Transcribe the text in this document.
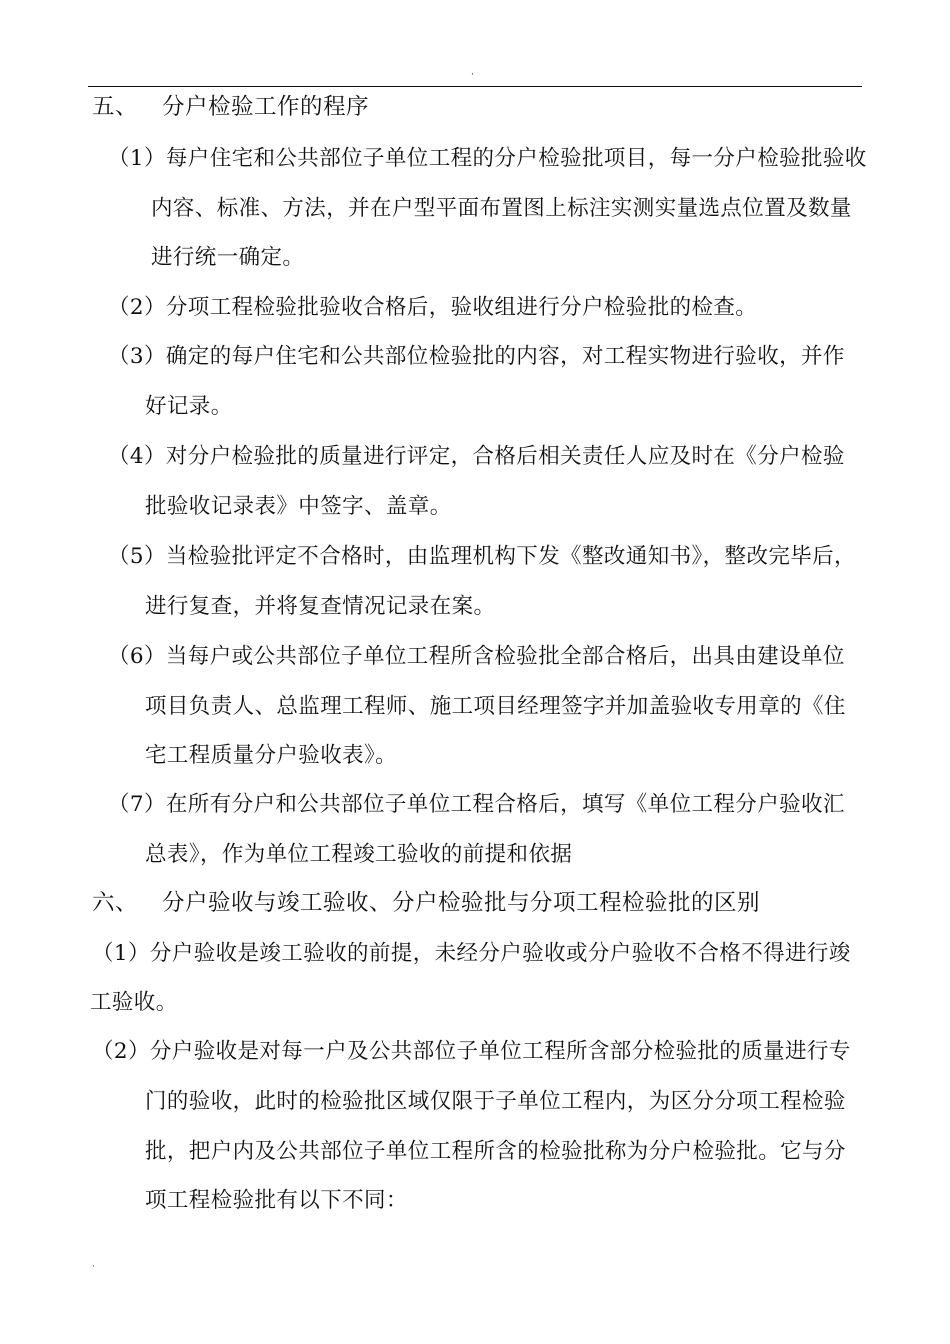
·
五、 分户检验工作的程序
（1）每户住宅和公共部位子单位工程的分户检验批项目，每一分户检验批验收
内容、标准、方法，并在户型平面布置图上标注实测实量选点位置及数量
进行统一确定。
（2）分项工程检验批验收合格后，验收组进行分户检验批的检查。
（3）确定的每户住宅和公共部位检验批的内容，对工程实物进行验收，并作
好记录。
（4）对分户检验批的质量进行评定，合格后相关责任人应及时在《分户检验
批验收记录表》中签字、盖章。
（5）当检验批评定不合格时，由监理机构下发《整改通知书》，整改完毕后，
进行复查，并将复查情况记录在案。
（6）当每户或公共部位子单位工程所含检验批全部合格后，出具由建设单位
项目负责人、总监理工程师、施工项目经理签字并加盖验收专用章的《住
宅工程质量分户验收表》。
（7）在所有分户和公共部位子单位工程合格后，填写《单位工程分户验收汇
总表》，作为单位工程竣工验收的前提和依据
六、 分户验收与竣工验收、分户检验批与分项工程检验批的区别
（1）分户验收是竣工验收的前提，未经分户验收或分户验收不合格不得进行竣
工验收。
（2）分户验收是对每一户及公共部位子单位工程所含部分检验批的质量进行专
门的验收，此时的检验批区域仅限于子单位工程内，为区分分项工程检验
批，把户内及公共部位子单位工程所含的检验批称为分户检验批。它与分
项工程检验批有以下不同：
·
